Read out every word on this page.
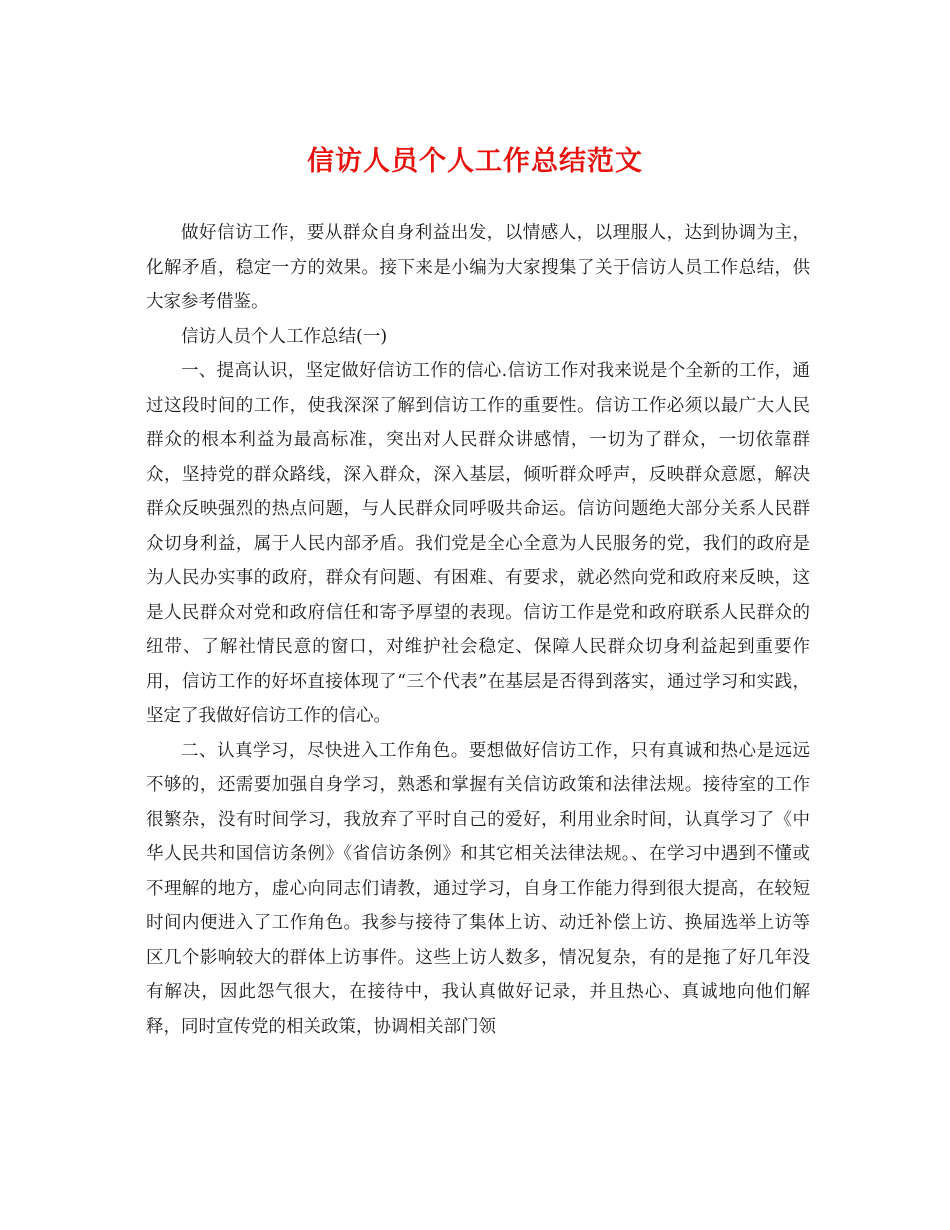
信访人员个人工作总结范文

做好信访工作，要从群众自身利益出发，以情感人，以理服人，达到协调为主，化解矛盾，稳定一方的效果。接下来是小编为大家搜集了关于信访人员工作总结，供大家参考借鉴。

信访人员个人工作总结(一)

一、提高认识，坚定做好信访工作的信心.信访工作对我来说是个全新的工作，通过这段时间的工作，使我深深了解到信访工作的重要性。信访工作必须以最广大人民群众的根本利益为最高标准，突出对人民群众讲感情，一切为了群众，一切依靠群众，坚持党的群众路线，深入群众，深入基层，倾听群众呼声，反映群众意愿，解决群众反映强烈的热点问题，与人民群众同呼吸共命运。信访问题绝大部分关系人民群众切身利益，属于人民内部矛盾。我们党是全心全意为人民服务的党，我们的政府是为人民办实事的政府，群众有问题、有困难、有要求，就必然向党和政府来反映，这是人民群众对党和政府信任和寄予厚望的表现。信访工作是党和政府联系人民群众的纽带、了解社情民意的窗口，对维护社会稳定、保障人民群众切身利益起到重要作用，信访工作的好坏直接体现了“三个代表”在基层是否得到落实，通过学习和实践，坚定了我做好信访工作的信心。

二、认真学习，尽快进入工作角色。要想做好信访工作，只有真诚和热心是远远不够的，还需要加强自身学习，熟悉和掌握有关信访政策和法律法规。接待室的工作很繁杂，没有时间学习，我放弃了平时自己的爱好，利用业余时间，认真学习了《中华人民共和国信访条例》《省信访条例》和其它相关法律法规。、在学习中遇到不懂或不理解的地方，虚心向同志们请教，通过学习，自身工作能力得到很大提高，在较短时间内便进入了工作角色。我参与接待了集体上访、动迁补偿上访、换届选举上访等区几个影响较大的群体上访事件。这些上访人数多，情况复杂，有的是拖了好几年没有解决，因此怨气很大，在接待中，我认真做好记录，并且热心、真诚地向他们解释，同时宣传党的相关政策，协调相关部门领
